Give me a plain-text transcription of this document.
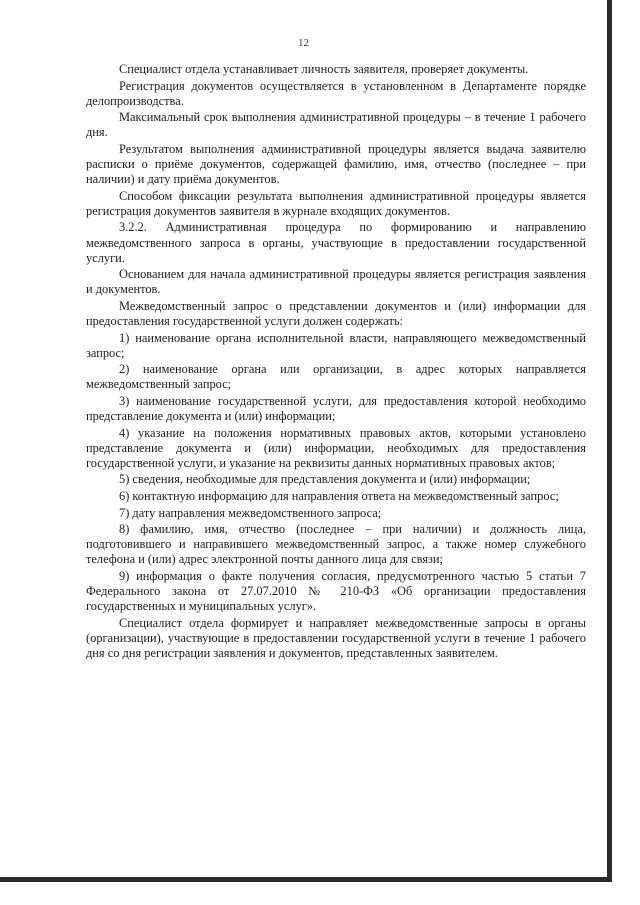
12

Специалист отдела устанавливает личность заявителя, проверяет документы.

Регистрация документов осуществляется в установленном в Департаменте порядке делопроизводства.

Максимальный срок выполнения административной процедуры – в течение 1 рабочего дня.

Результатом выполнения административной процедуры является выдача заявителю расписки о приёме документов, содержащей фамилию, имя, отчество (последнее – при наличии) и дату приёма документов.

Способом фиксации результата выполнения административной процедуры является регистрация документов заявителя в журнале входящих документов.

3.2.2. Административная процедура по формированию и направлению межведомственного запроса в органы, участвующие в предоставлении государственной услуги.

Основанием для начала административной процедуры является регистрация заявления и документов.

Межведомственный запрос о представлении документов и (или) информации для предоставления государственной услуги должен содержать:

1) наименование органа исполнительной власти, направляющего межведомственный запрос;

2) наименование органа или организации, в адрес которых направляется межведомственный запрос;

3) наименование государственной услуги, для предоставления которой необходимо представление документа и (или) информации;

4) указание на положения нормативных правовых актов, которыми установлено представление документа и (или) информации, необходимых для предоставления государственной услуги, и указание на реквизиты данных нормативных правовых актов;

5) сведения, необходимые для представления документа и (или) информации;

6) контактную информацию для направления ответа на межведомственный запрос;

7) дату направления межведомственного запроса;

8) фамилию, имя, отчество (последнее – при наличии) и должность лица, подготовившего и направившего межведомственный запрос, а также номер служебного телефона и (или) адрес электронной почты данного лица для связи;

9) информация о факте получения согласия, предусмотренного частью 5 статьи 7 Федерального закона от 27.07.2010 № 210-ФЗ «Об организации предоставления государственных и муниципальных услуг».

Специалист отдела формирует и направляет межведомственные запросы в органы (организации), участвующие в предоставлении государственной услуги в течение 1 рабочего дня со дня регистрации заявления и документов, представленных заявителем.
